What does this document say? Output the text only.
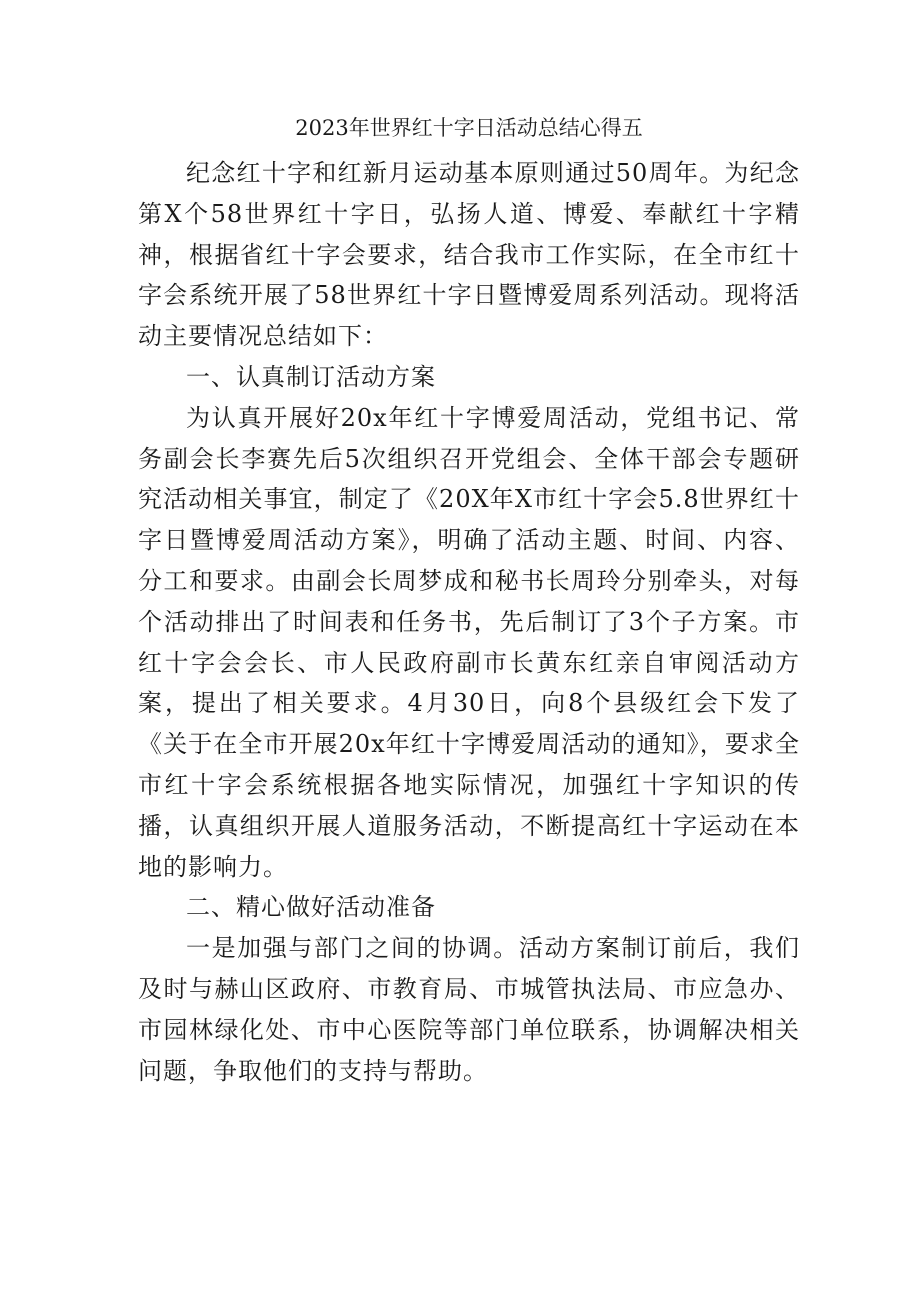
2023年世界红十字日活动总结心得五

纪念红十字和红新月运动基本原则通过50周年。为纪念第X个58世界红十字日，弘扬人道、博爱、奉献红十字精神，根据省红十字会要求，结合我市工作实际，在全市红十字会系统开展了58世界红十字日暨博爱周系列活动。现将活动主要情况总结如下：

一、认真制订活动方案

为认真开展好20x年红十字博爱周活动，党组书记、常务副会长李赛先后5次组织召开党组会、全体干部会专题研究活动相关事宜，制定了《20X年X市红十字会5.8世界红十字日暨博爱周活动方案》，明确了活动主题、时间、内容、分工和要求。由副会长周梦成和秘书长周玲分别牵头，对每个活动排出了时间表和任务书，先后制订了3个子方案。市红十字会会长、市人民政府副市长黄东红亲自审阅活动方案，提出了相关要求。4月30日，向8个县级红会下发了《关于在全市开展20x年红十字博爱周活动的通知》，要求全市红十字会系统根据各地实际情况，加强红十字知识的传播，认真组织开展人道服务活动，不断提高红十字运动在本地的影响力。

二、精心做好活动准备

一是加强与部门之间的协调。活动方案制订前后，我们及时与赫山区政府、市教育局、市城管执法局、市应急办、市园林绿化处、市中心医院等部门单位联系，协调解决相关问题，争取他们的支持与帮助。
